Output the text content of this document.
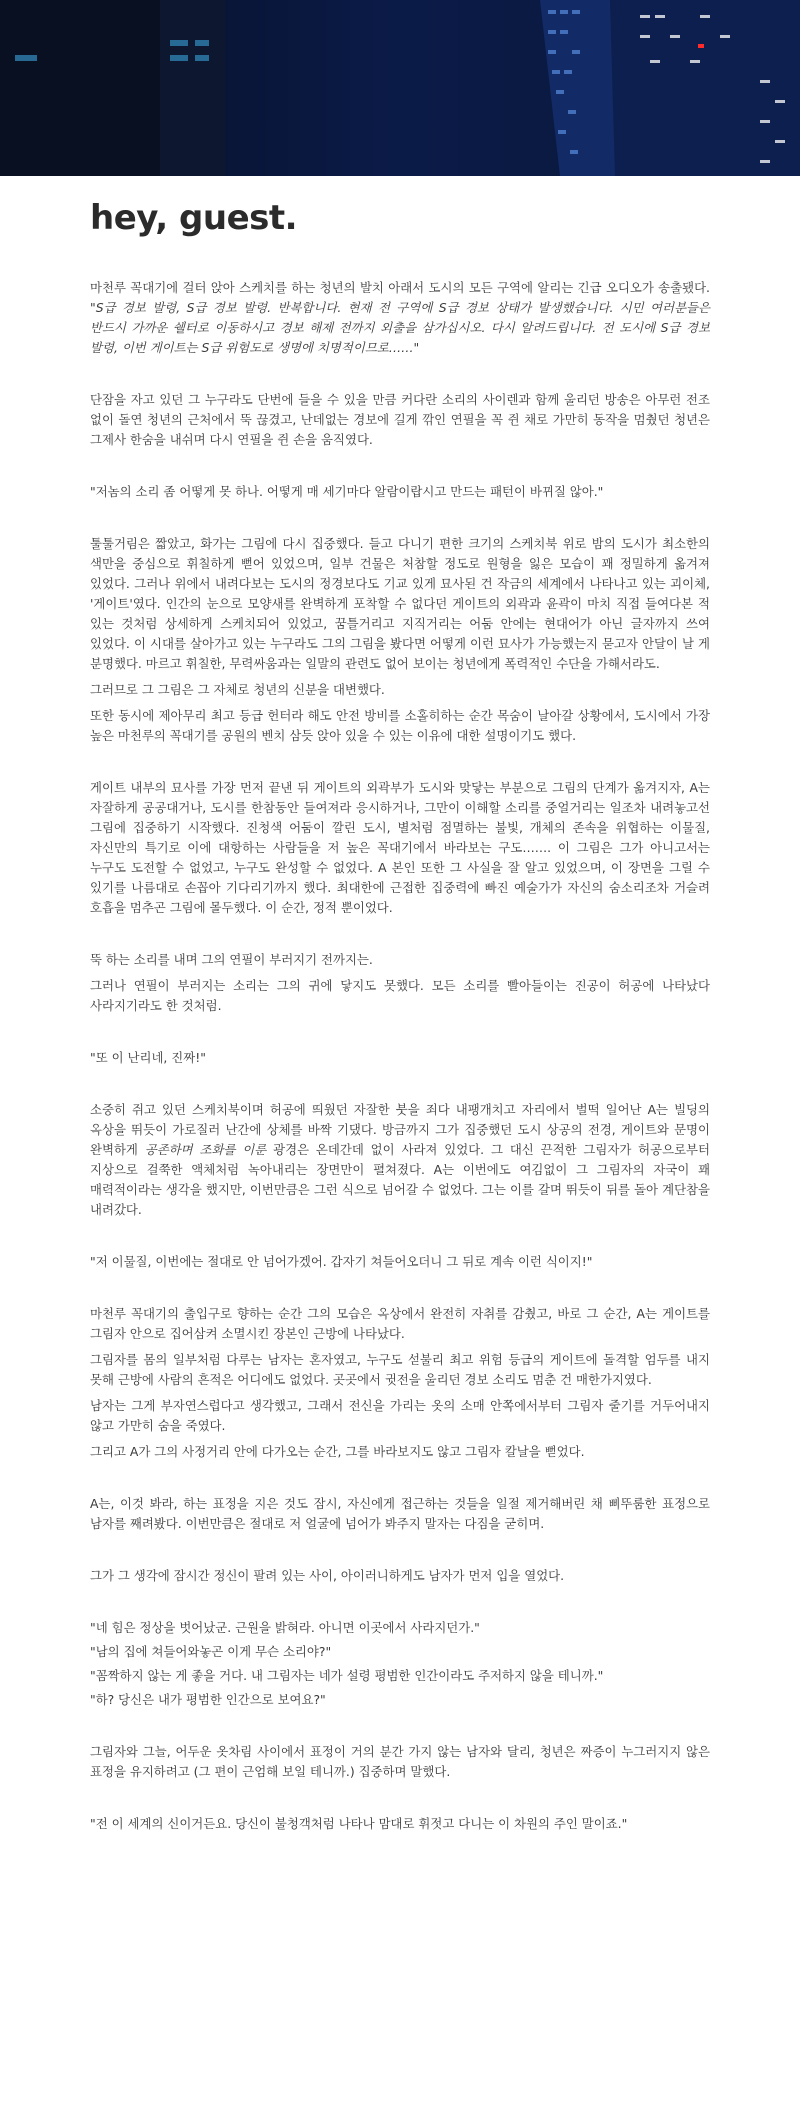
hey, guest.

마천루 꼭대기에 걸터 앉아 스케치를 하는 청년의 발치 아래서 도시의 모든 구역에 알리는 긴급 오디오가 송출됐다. "S급 경보 발령, S급 경보 발령. 반복합니다. 현재 전 구역에 S급 경보 상태가 발생했습니다. 시민 여러분들은 반드시 가까운 쉘터로 이동하시고 경보 해제 전까지 외출을 삼가십시오. 다시 알려드립니다. 전 도시에 S급 경보 발령, 이번 게이트는 S급 위험도로 생명에 치명적이므로……"

단잠을 자고 있던 그 누구라도 단번에 들을 수 있을 만큼 커다란 소리의 사이렌과 함께 울리던 방송은 아무런 전조 없이 돌연 청년의 근처에서 뚝 끊겼고, 난데없는 경보에 길게 깎인 연필을 꼭 쥔 채로 가만히 동작을 멈췄던 청년은 그제사 한숨을 내쉬며 다시 연필을 쥔 손을 움직였다.

"저놈의 소리 좀 어떻게 못 하나. 어떻게 매 세기마다 알람이랍시고 만드는 패턴이 바뀌질 않아."

툴툴거림은 짧았고, 화가는 그림에 다시 집중했다. 들고 다니기 편한 크기의 스케치북 위로 밤의 도시가 최소한의 색만을 중심으로 휘칠하게 뻗어 있었으며, 일부 건물은 처참할 정도로 원형을 잃은 모습이 꽤 정밀하게 옮겨져 있었다. 그러나 위에서 내려다보는 도시의 정경보다도 기교 있게 묘사된 건 작금의 세계에서 나타나고 있는 괴이체, '게이트'였다. 인간의 눈으로 모양새를 완벽하게 포착할 수 없다던 게이트의 외곽과 윤곽이 마치 직접 들여다본 적 있는 것처럼 상세하게 스케치되어 있었고, 꿈틀거리고 지직거리는 어둠 안에는 현대어가 아닌 글자까지 쓰여 있었다. 이 시대를 살아가고 있는 누구라도 그의 그림을 봤다면 어떻게 이런 묘사가 가능했는지 묻고자 안달이 날 게 분명했다. 마르고 휘칠한, 무력싸움과는 일말의 관련도 없어 보이는 청년에게 폭력적인 수단을 가해서라도.

그러므로 그 그림은 그 자체로 청년의 신분을 대변했다.

또한 동시에 제아무리 최고 등급 헌터라 해도 안전 방비를 소홀히하는 순간 목숨이 날아갈 상황에서, 도시에서 가장 높은 마천루의 꼭대기를 공원의 벤치 삼듯 앉아 있을 수 있는 이유에 대한 설명이기도 했다.

게이트 내부의 묘사를 가장 먼저 끝낸 뒤 게이트의 외곽부가 도시와 맞닿는 부분으로 그림의 단계가 옮겨지자, A는 자잘하게 공공대거나, 도시를 한참동안 들여져라 응시하거나, 그만이 이해할 소리를 중얼거리는 일조차 내려놓고선 그림에 집중하기 시작했다. 진청색 어둠이 깔린 도시, 별처럼 점멸하는 불빛, 개체의 존속을 위협하는 이물질, 자신만의 특기로 이에 대항하는 사람들을 저 높은 꼭대기에서 바라보는 구도……. 이 그림은 그가 아니고서는 누구도 도전할 수 없었고, 누구도 완성할 수 없었다. A 본인 또한 그 사실을 잘 알고 있었으며, 이 장면을 그릴 수 있기를 나름대로 손꼽아 기다리기까지 했다. 최대한에 근접한 집중력에 빠진 예술가가 자신의 숨소리조차 거슬려 호흡을 멈추곤 그림에 몰두했다. 이 순간, 정적 뿐이었다.

뚝 하는 소리를 내며 그의 연필이 부러지기 전까지는.

그러나 연필이 부러지는 소리는 그의 귀에 닿지도 못했다. 모든 소리를 빨아들이는 진공이 허공에 나타났다 사라지기라도 한 것처럼.

"또 이 난리네, 진짜!"

소중히 쥐고 있던 스케치북이며 허공에 띄웠던 자잘한 붓을 죄다 내팽개치고 자리에서 벌떡 일어난 A는 빌딩의 옥상을 뛰듯이 가로질러 난간에 상체를 바짝 기댔다. 방금까지 그가 집중했던 도시 상공의 전경, 게이트와 문명이 완벽하게 공존하며 조화를 이룬 광경은 온데간데 없이 사라져 있었다. 그 대신 끈적한 그림자가 허공으로부터 지상으로 걸쭉한 액체처럼 녹아내리는 장면만이 펼쳐졌다. A는 이번에도 여김없이 그 그림자의 자국이 꽤 매력적이라는 생각을 했지만, 이번만큼은 그런 식으로 넘어갈 수 없었다. 그는 이를 갈며 뛰듯이 뒤를 돌아 계단참을 내려갔다.

"저 이물질, 이번에는 절대로 안 넘어가겠어. 갑자기 쳐들어오더니 그 뒤로 계속 이런 식이지!"

마천루 꼭대기의 출입구로 향하는 순간 그의 모습은 옥상에서 완전히 자취를 감췄고, 바로 그 순간, A는 게이트를 그림자 안으로 집어삼켜 소멸시킨 장본인 근방에 나타났다.

그림자를 몸의 일부처럼 다루는 남자는 혼자였고, 누구도 섣불리 최고 위험 등급의 게이트에 돌격할 엄두를 내지 못해 근방에 사람의 흔적은 어디에도 없었다. 곳곳에서 귓전을 울리던 경보 소리도 멈춘 건 매한가지였다.

남자는 그게 부자연스럽다고 생각했고, 그래서 전신을 가리는 옷의 소매 안쪽에서부터 그림자 줄기를 거두어내지 않고 가만히 숨을 죽였다.

그리고 A가 그의 사정거리 안에 다가오는 순간, 그를 바라보지도 않고 그림자 칼날을 뻗었다.

A는, 이것 봐라, 하는 표정을 지은 것도 잠시, 자신에게 접근하는 것들을 일절 제거해버린 채 삐뚜룸한 표정으로 남자를 째려봤다. 이번만큼은 절대로 저 얼굴에 넘어가 봐주지 말자는 다짐을 굳히며.

그가 그 생각에 잠시간 정신이 팔려 있는 사이, 아이러니하게도 남자가 먼저 입을 열었다.

"네 힘은 정상을 벗어났군. 근원을 밝혀라. 아니면 이곳에서 사라지던가."

"남의 집에 쳐들어와놓곤 이게 무슨 소리야?"

"꼼짝하지 않는 게 좋을 거다. 내 그림자는 네가 설령 평범한 인간이라도 주저하지 않을 테니까."

"하? 당신은 내가 평범한 인간으로 보여요?"

그림자와 그늘, 어두운 옷차림 사이에서 표정이 거의 분간 가지 않는 남자와 달리, 청년은 짜증이 누그러지지 않은 표정을 유지하려고 (그 편이 근엄해 보일 테니까.) 집중하며 말했다.

"전 이 세계의 신이거든요. 당신이 불청객처럼 나타나 맘대로 휘젓고 다니는 이 차원의 주인 말이죠."
